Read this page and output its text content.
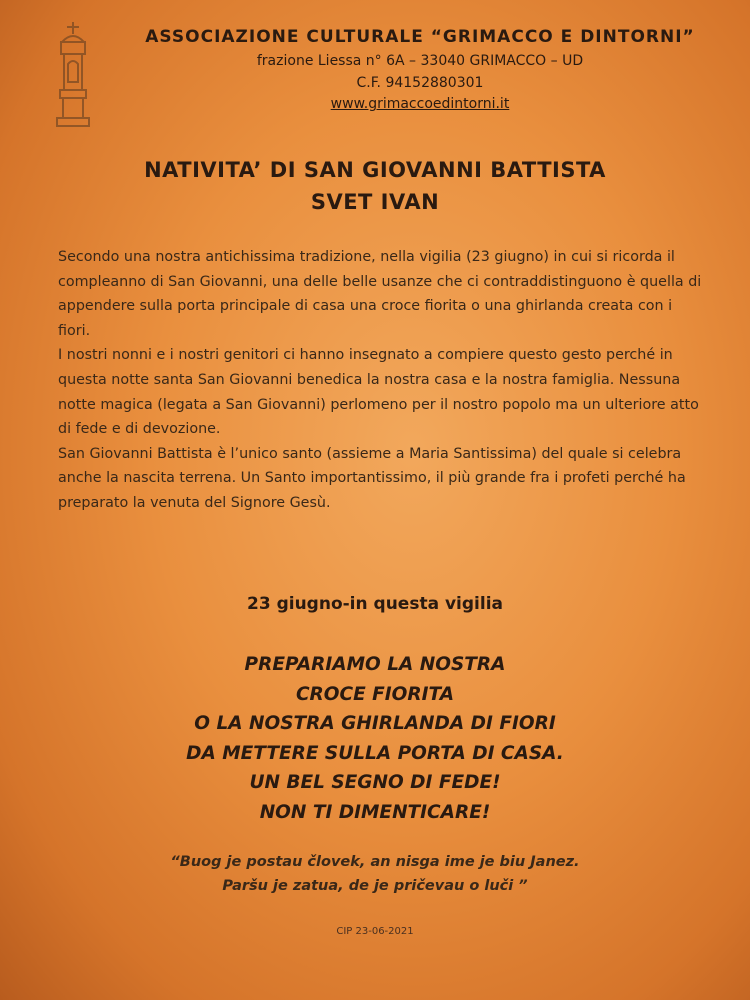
ASSOCIAZIONE CULTURALE “GRIMACCO E DINTORNI”

frazione Liessa n° 6A – 33040 GRIMACCO – UD

C.F. 94152880301

www.grimaccoedintorni.it

NATIVITA’ DI SAN GIOVANNI BATTISTA

SVET IVAN

Secondo una nostra antichissima tradizione, nella vigilia (23 giugno) in cui si ricorda il compleanno di San Giovanni, una delle belle usanze che ci contraddistinguono è quella di appendere sulla porta principale di casa una croce fiorita o una ghirlanda creata con i fiori.

I nostri nonni e i nostri genitori ci hanno insegnato a compiere questo gesto perché in questa notte santa San Giovanni benedica la nostra casa e la nostra famiglia. Nessuna notte magica (legata a San Giovanni) perlomeno per il nostro popolo ma un ulteriore atto di fede e di devozione.

San Giovanni Battista è l’unico santo (assieme a Maria Santissima) del quale si celebra anche la nascita terrena. Un Santo importantissimo, il più grande fra i profeti perché ha preparato la venuta del Signore Gesù.

23 giugno-in questa vigilia

PREPARIAMO LA NOSTRA

CROCE FIORITA

O LA NOSTRA GHIRLANDA DI FIORI

DA METTERE SULLA PORTA DI CASA.

UN BEL SEGNO DI FEDE!

NON TI DIMENTICARE!

“Buog je postau človek, an nisga ime je biu Janez.

Paršu je zatua, de je pričevau o luči ”

CIP 23-06-2021
